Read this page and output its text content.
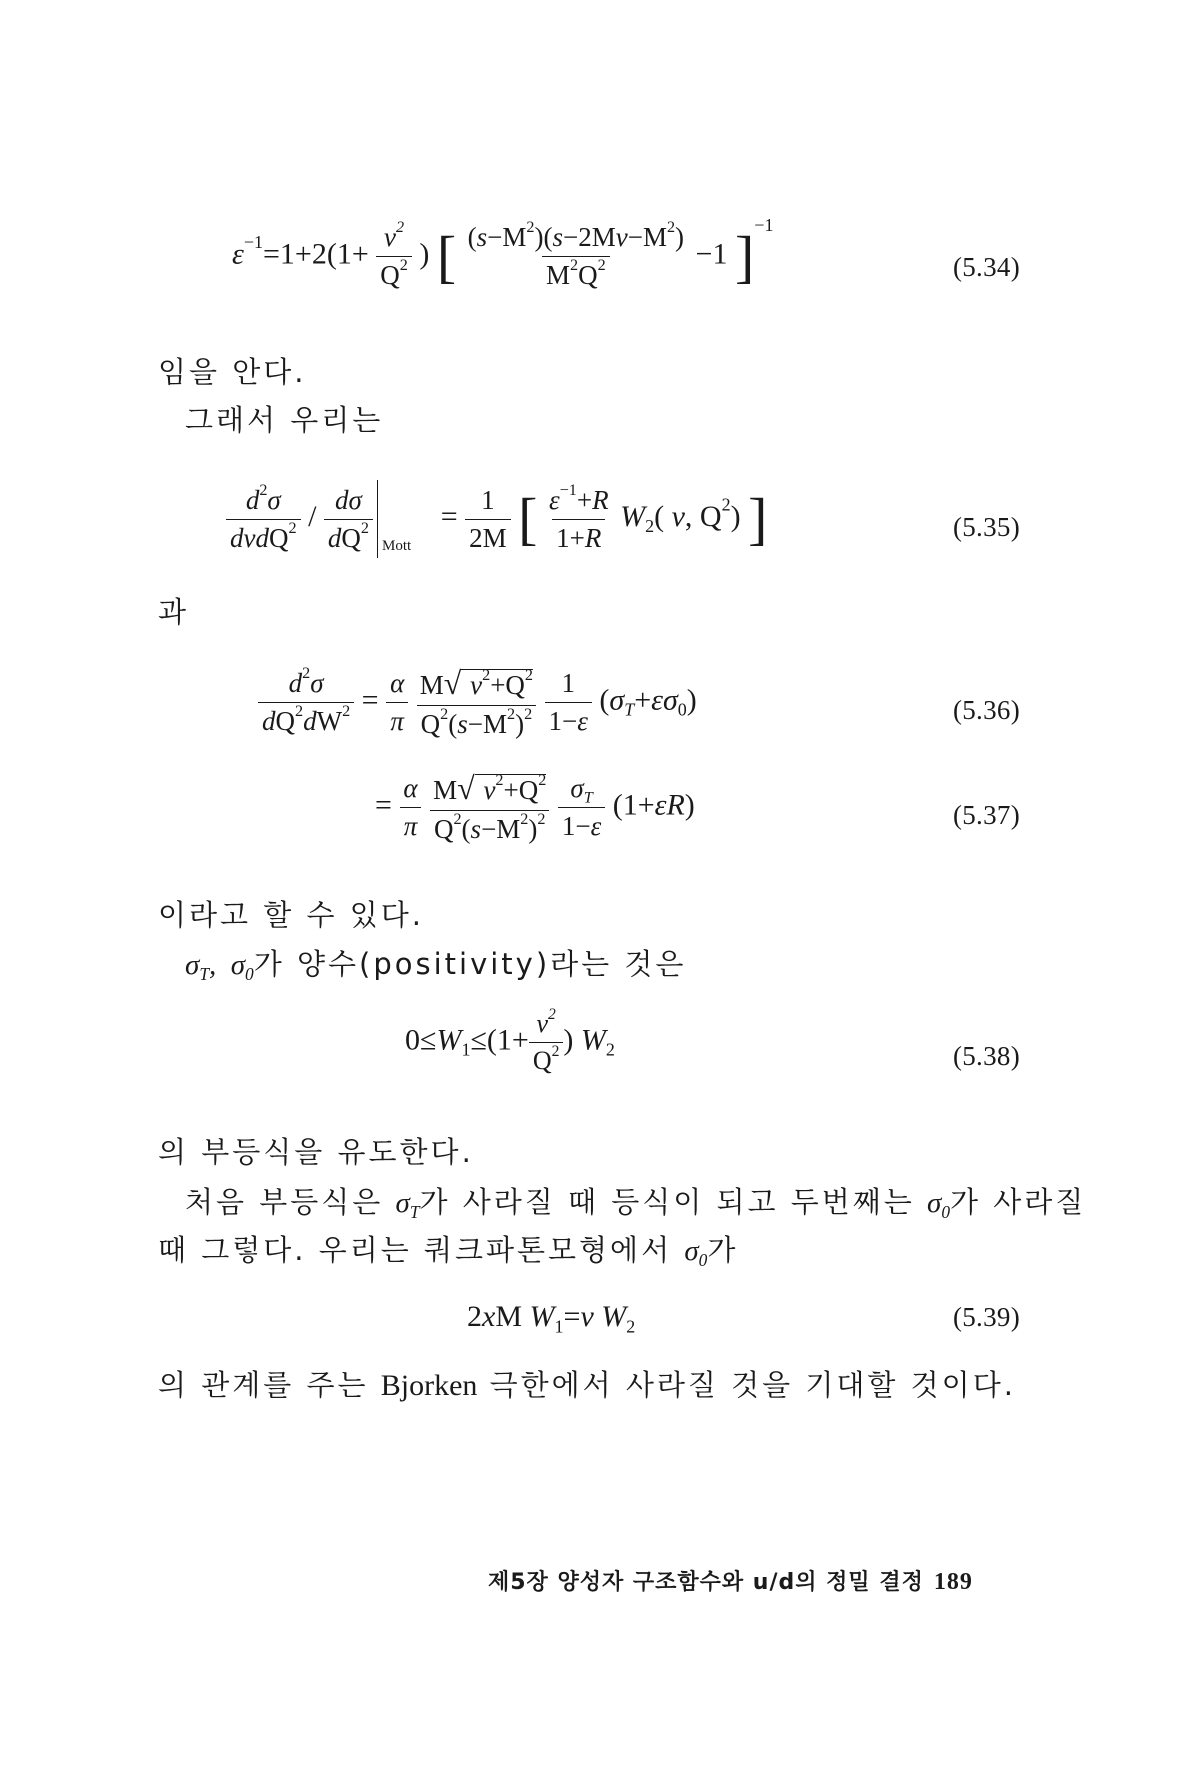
$\varepsilon^{-1}=1+2(1+ \frac{\nu^2}{Q^2}$ ) [ $\frac{(s-M^2)(s-2M\nu-M^2)}{M^2Q^2} -1$ ]$^{-1}$
(5.34)
임을 안다.
그래서 우리는
$\frac{d^2\sigma}{d\nu dQ^2} / \frac{d\sigma}{dQ^2} _{Mott} = \frac{1}{2M}$ [ $\frac{\varepsilon^{-1}+R}{1+R} W_2$( ν, $Q^2$) ]	(5.35)
과
$\frac{d^2\sigma}{dQ^2dW^2} = \frac{\alpha}{\pi}$
$\frac{M√ \nu^2+Q^2}{Q^2(s-M^2)^2}$
$\frac{1}{1-\varepsilon} (\sigma_T+\varepsilon\sigma_0)$	(5.36)
= $\frac{\alpha}{\pi}$
$\frac{M√ \nu^2+Q^2}{Q^2(s-M^2)^2}$
$\frac{\sigma_T}{1-\varepsilon} (1+\varepsilon R)$	(5.37)
이라고 할 수 있다.
$\sigma_T$,  $\sigma_0$가 양수(positivity)라는 것은
$0\le W_1\le(1+ \frac{\nu^2}{Q^2}$ ) $W_2$	(5.38)
의 부등식을 유도한다.
처음 부등식은 $\sigma_T$가 사라질 때 등식이 되고 두번째는 $\sigma_0$가 사라질
때 그렇다. 우리는 쿼크파톤모형에서 $\sigma_0$가
2xM $W_1=\nu$ $W_2$	(5.39)
의 관계를 주는 Bjorken 극한에서 사라질 것을 기대할 것이다.
제5장 양성자 구조함수와 u/d의 정밀 결정 189
